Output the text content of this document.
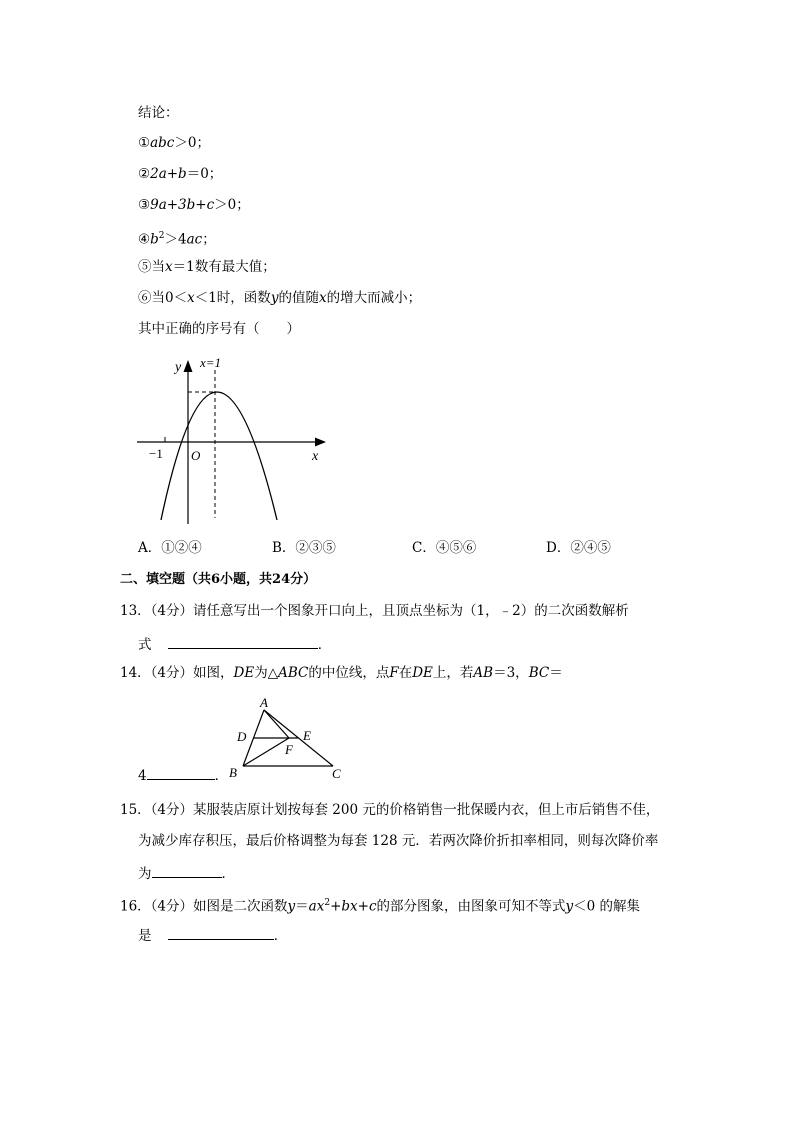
结论：
①abc＞0；
②2a+b＝0；
③9a+3b+c＞0；
$④b^2>4ac$；
⑤当x＝1数有最大值；
⑥当0＜x＜1时，函数y的值随x的增大而减小；
其中正确的序号有（　　）
y x=1
x
O
−1
A．①②④	B．②③⑤	C．④⑤⑥	D．②④⑤
二、填空题（共6小题，共24分）
13．（4分）请任意写出一个图象开口向上，且顶点坐标为（1，﹣2）的二次函数解析
式	．
14．（4分）如图，DE为△ABC的中位线，点F在DE上，若AB＝3，BC＝
A
D	E
F
B	C
4	．
15．（4分）某服装店原计划按每套 200 元的价格销售一批保暖内衣，但上市后销售不佳，
为减少库存积压，最后价格调整为每套 128 元．若两次降价折扣率相同，则每次降价率
为	．
16．（4分）如图是二次函数$y=ax^2+bx+c$的部分图象，由图象可知不等式y＜0 的解集
是	．
